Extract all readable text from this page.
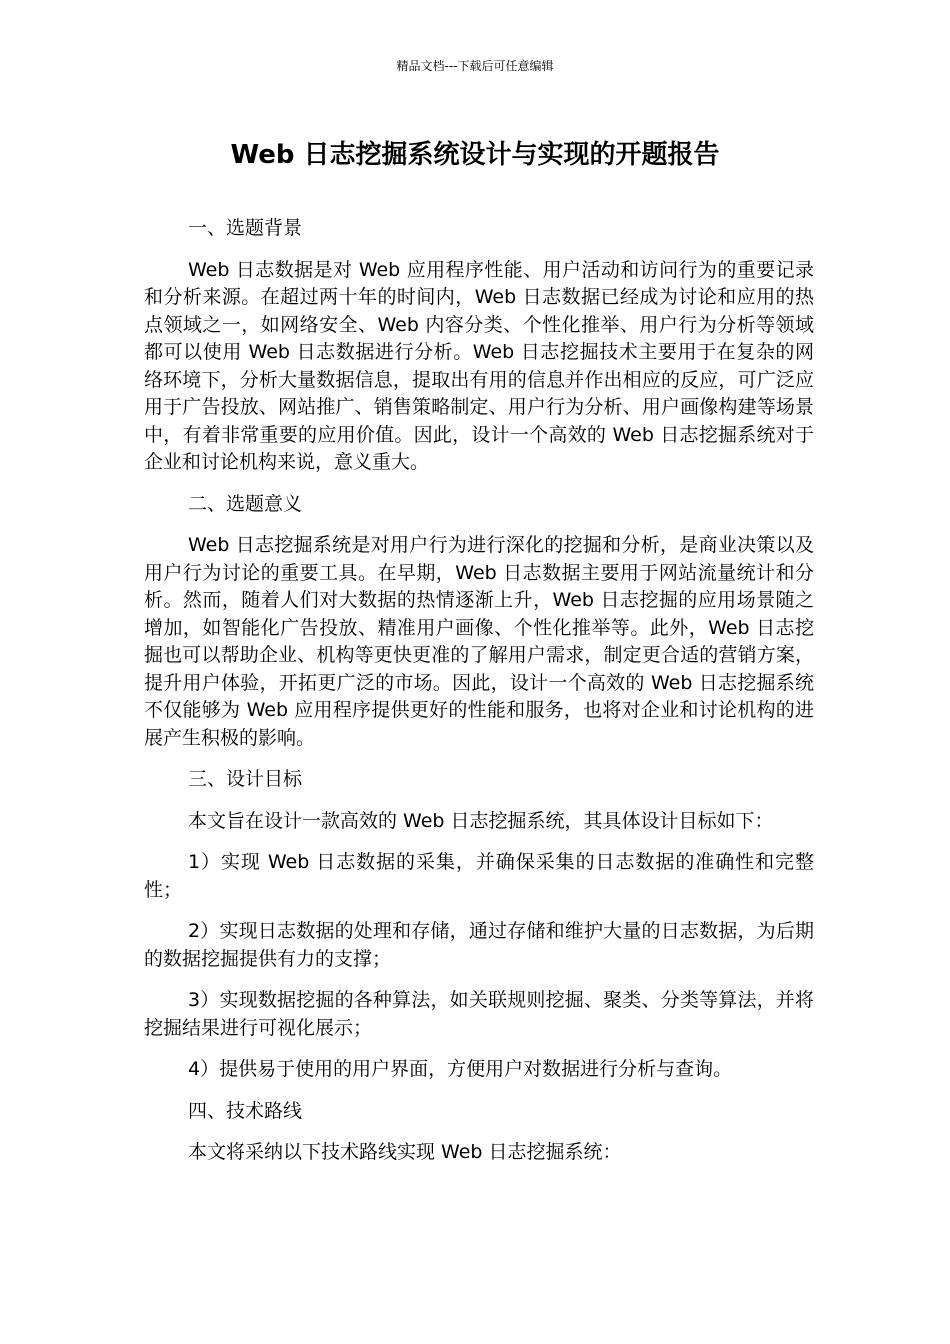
精品文档---下载后可任意编辑
Web 日志挖掘系统设计与实现的开题报告

一、选题背景

Web 日志数据是对 Web 应用程序性能、用户活动和访问行为的重要记录和分析来源。在超过两十年的时间内，Web 日志数据已经成为讨论和应用的热点领域之一，如网络安全、Web 内容分类、个性化推举、用户行为分析等领域都可以使用 Web 日志数据进行分析。Web 日志挖掘技术主要用于在复杂的网络环境下，分析大量数据信息，提取出有用的信息并作出相应的反应，可广泛应用于广告投放、网站推广、销售策略制定、用户行为分析、用户画像构建等场景中，有着非常重要的应用价值。因此，设计一个高效的 Web 日志挖掘系统对于企业和讨论机构来说，意义重大。

二、选题意义

Web 日志挖掘系统是对用户行为进行深化的挖掘和分析，是商业决策以及用户行为讨论的重要工具。在早期，Web 日志数据主要用于网站流量统计和分析。然而，随着人们对大数据的热情逐渐上升，Web 日志挖掘的应用场景随之增加，如智能化广告投放、精准用户画像、个性化推举等。此外，Web 日志挖掘也可以帮助企业、机构等更快更准的了解用户需求，制定更合适的营销方案，提升用户体验，开拓更广泛的市场。因此，设计一个高效的 Web 日志挖掘系统不仅能够为 Web 应用程序提供更好的性能和服务，也将对企业和讨论机构的进展产生积极的影响。

三、设计目标

本文旨在设计一款高效的 Web 日志挖掘系统，其具体设计目标如下：

1）实现 Web 日志数据的采集，并确保采集的日志数据的准确性和完整性；

2）实现日志数据的处理和存储，通过存储和维护大量的日志数据，为后期的数据挖掘提供有力的支撑；

3）实现数据挖掘的各种算法，如关联规则挖掘、聚类、分类等算法，并将挖掘结果进行可视化展示；

4）提供易于使用的用户界面，方便用户对数据进行分析与查询。

四、技术路线

本文将采纳以下技术路线实现 Web 日志挖掘系统：
